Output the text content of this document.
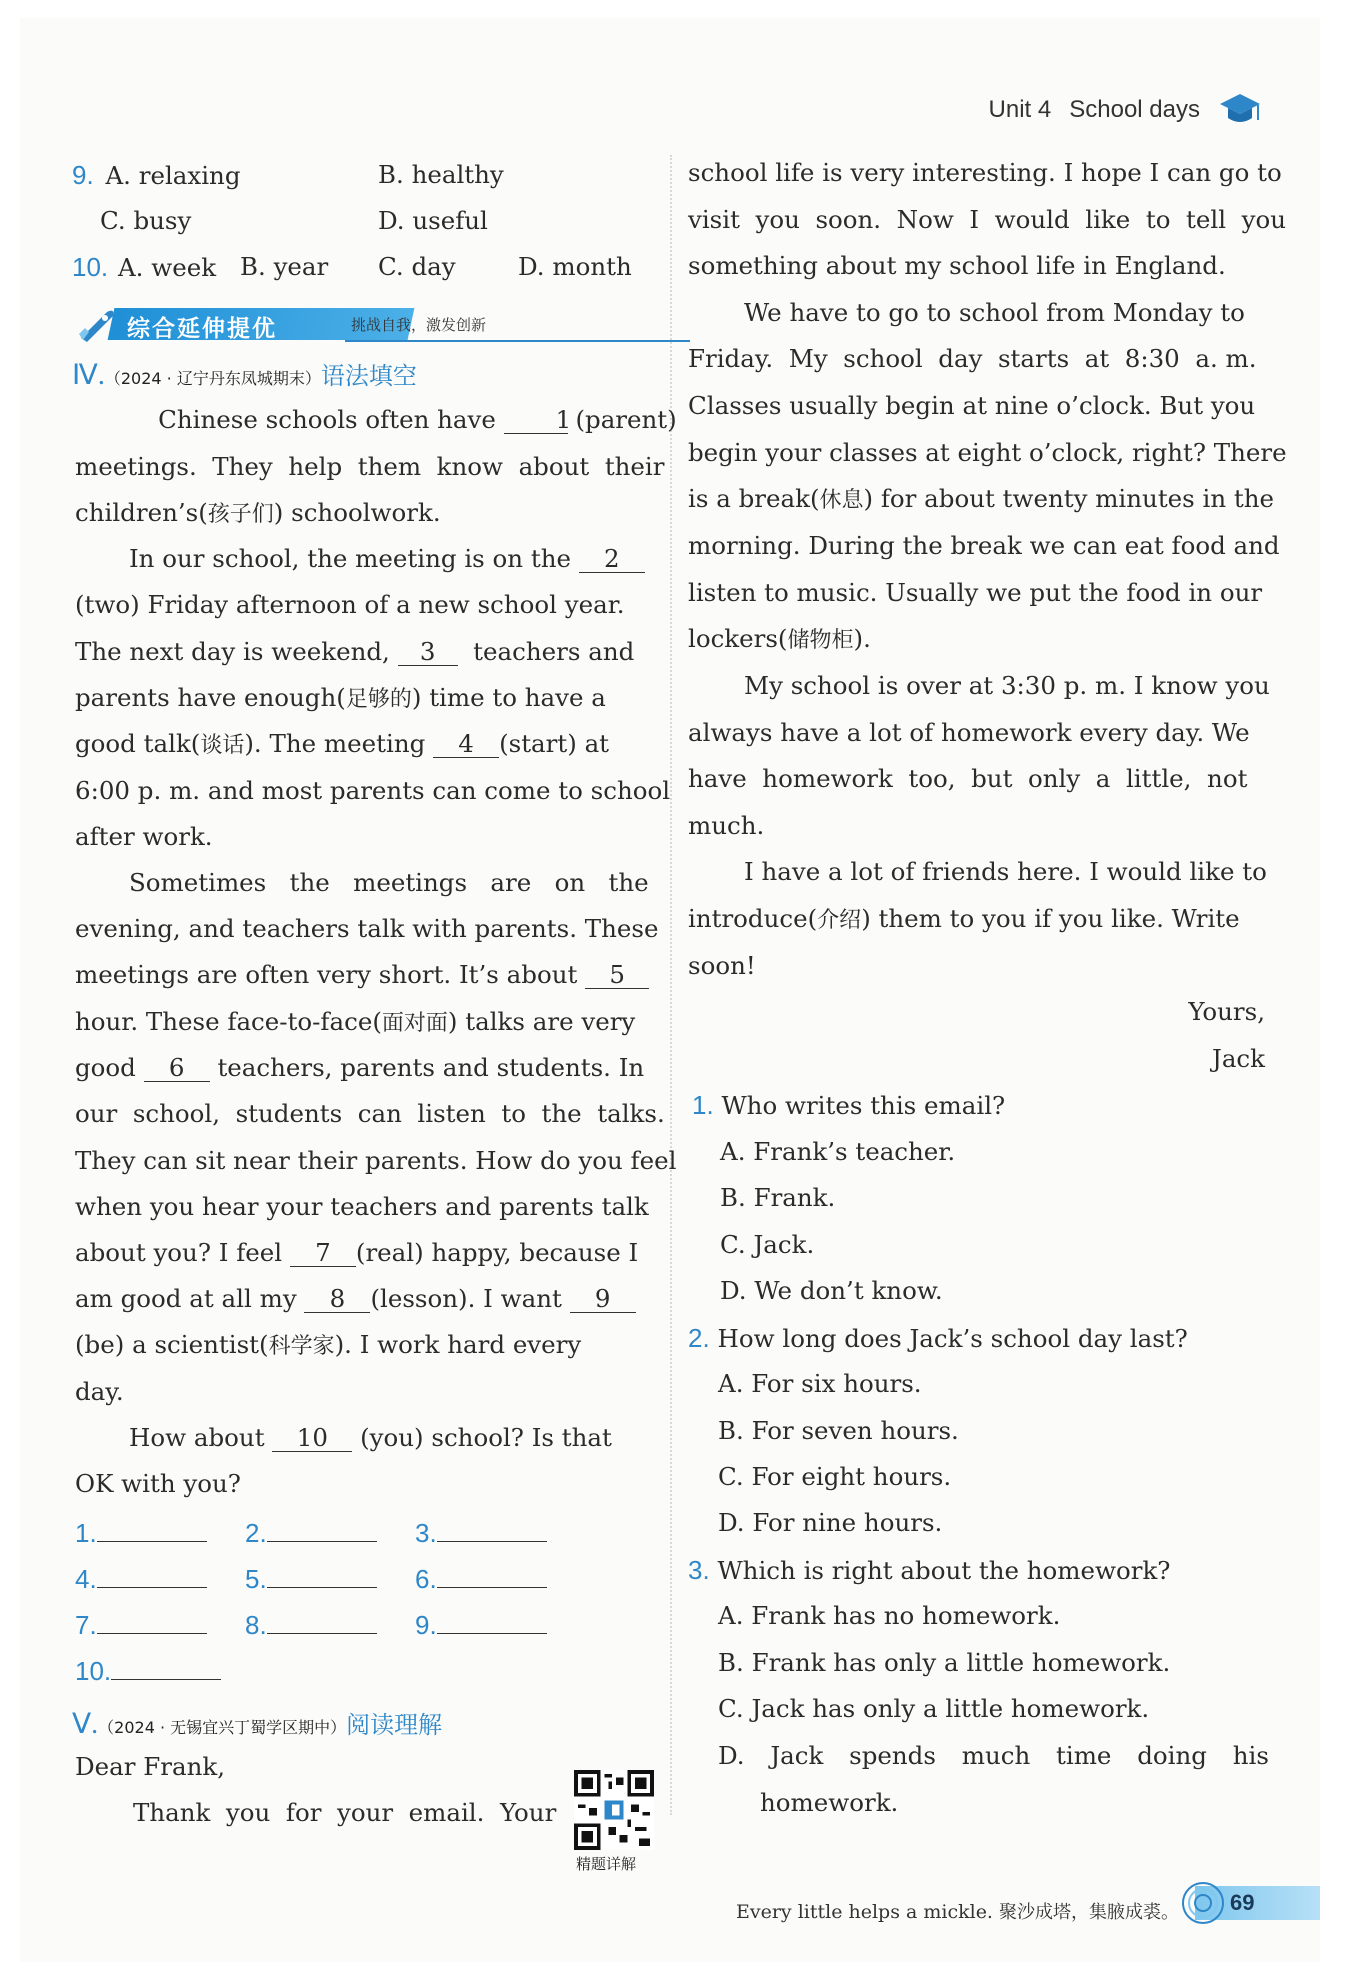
Unit 4 School days
9. A. relaxing	B. healthy
C. busy	D. useful
10. A. week B. year C. day	D. month
综合延伸提优	挑战自我，激发创新
Ⅳ.（2024 · 辽宁丹东凤城期末）语法填空
Chinese schools often have 1 (parent)
meetings.  They  help  them  know  about  their
children’s(孩子们) schoolwork.
In our school, the meeting is on the 2
(two) Friday afternoon of a new school year.
The next day is weekend, 3  teachers and
parents have enough(足够的) time to have a
good talk(谈话). The meeting 4 (start) at
6:00 p. m. and most parents can come to school
after work.
Sometimes   the   meetings   are   on   the
evening, and teachers talk with parents. These
meetings are often very short. It’s about 5
hour. These face-to-face(面对面) talks are very
good 6 teachers, parents and students. In
our  school,  students  can  listen  to  the  talks.
They can sit near their parents. How do you feel
when you hear your teachers and parents talk
about you? I feel 7 (real) happy, because I
am good at all my 8 (lesson). I want 9
(be) a scientist(科学家). I work hard every
day.
How about 10 (you) school? Is that
OK with you?
1.	2.	3.
4.	5.	6.
7.	8.	9.
10.
Ⅴ.（2024 · 无锡宜兴丁蜀学区期中）阅读理解
Dear Frank,
Thank  you  for  your  email.  Your
精题详解
school life is very interesting. I hope I can go to
visit  you  soon.  Now  I  would  like  to  tell  you
something about my school life in England.
We have to go to school from Monday to
Friday.  My  school  day  starts  at  8:30  a. m.
Classes usually begin at nine o’clock. But you
begin your classes at eight o’clock, right? There
is a break(休息) for about twenty minutes in the
morning. During the break we can eat food and
listen to music. Usually we put the food in our
lockers(储物柜).
My school is over at 3:30 p. m. I know you
always have a lot of homework every day. We
have  homework  too,  but  only  a  little,  not
much.
I have a lot of friends here. I would like to
introduce(介绍) them to you if you like. Write
soon!
Yours,
Jack
1. Who writes this email?
A. Frank’s teacher.
B. Frank.
C. Jack.
D. We don’t know.
2. How long does Jack’s school day last?
A. For six hours.
B. For seven hours.
C. For eight hours.
D. For nine hours.
3. Which is right about the homework?
A. Frank has no homework.
B. Frank has only a little homework.
C. Jack has only a little homework.
D. Jack spends much time doing his
homework.
Every little helps a mickle. 聚沙成塔，集腋成裘。 69
